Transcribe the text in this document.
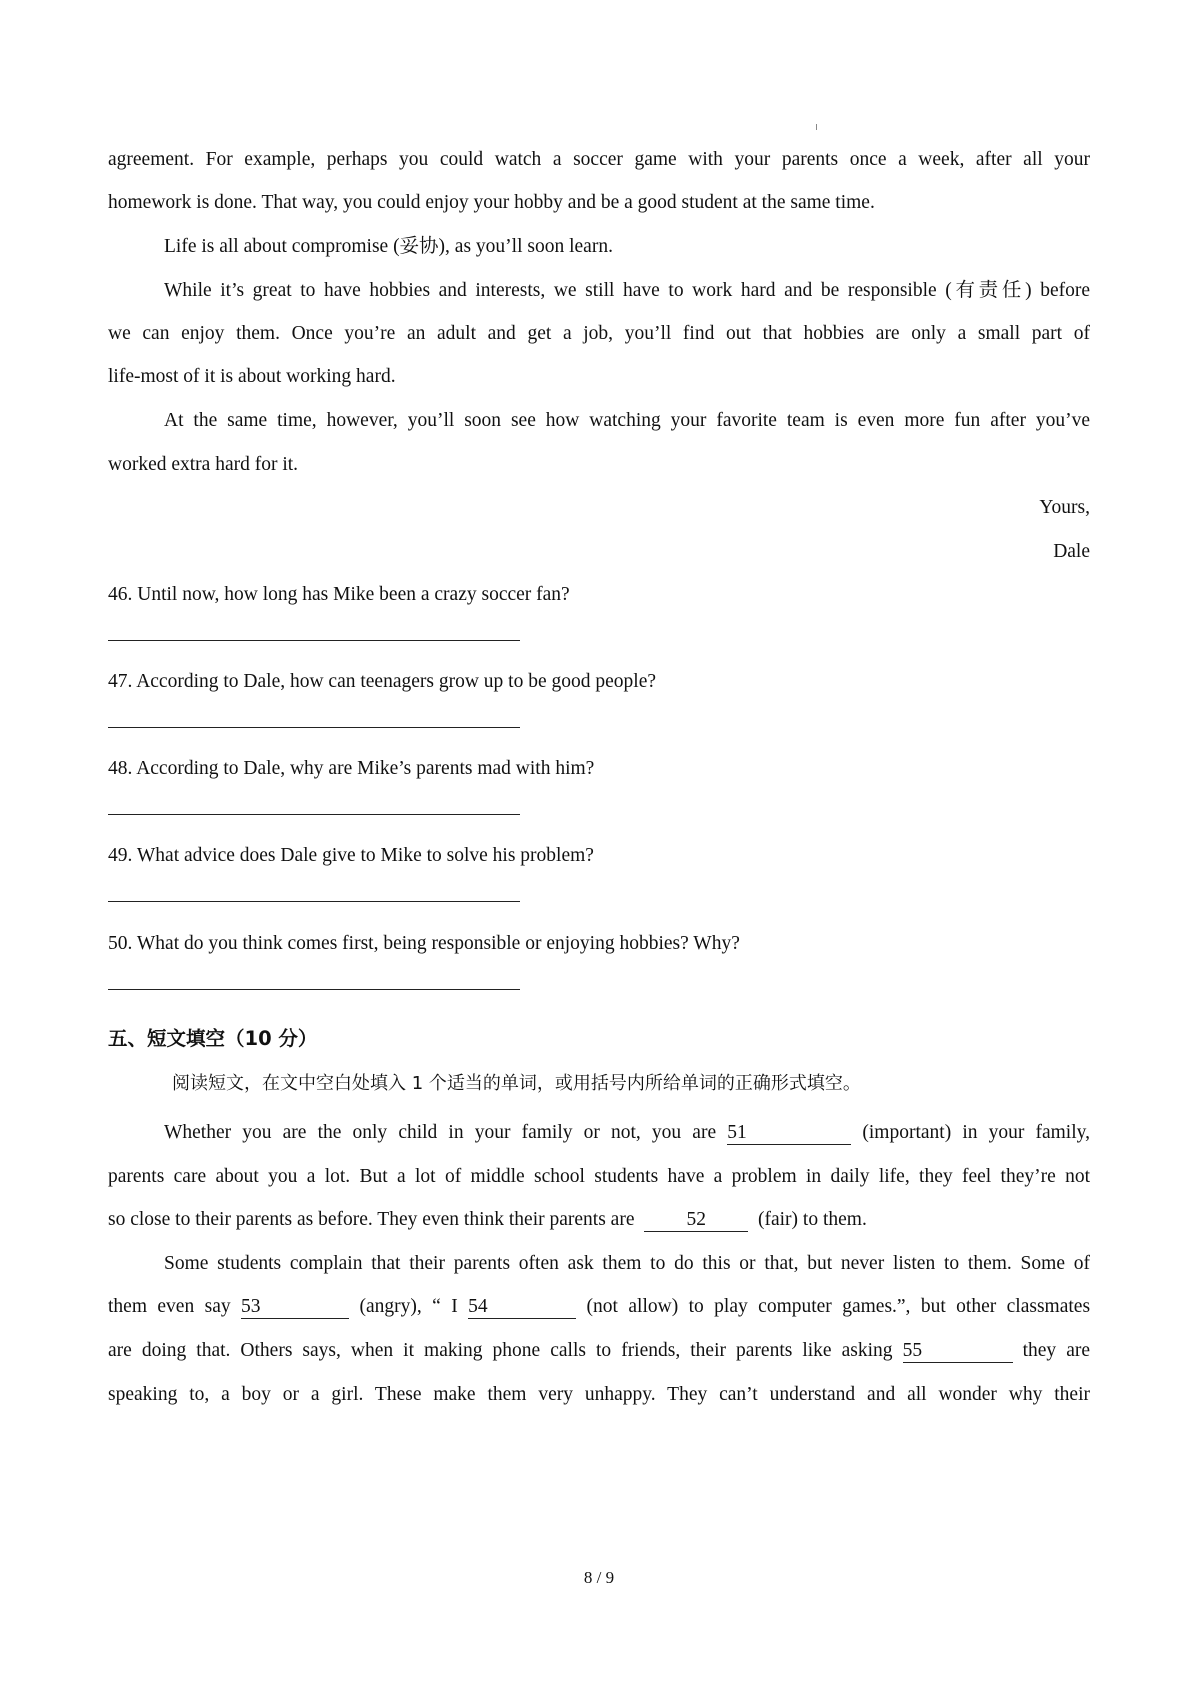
agreement. For example, perhaps you could watch a soccer game with your parents once a week, after all your
homework is done. That way, you could enjoy your hobby and be a good student at the same time.
Life is all about compromise (妥协), as you’ll soon learn.
While it’s great to have hobbies and interests, we still have to work hard and be responsible (有责任) before
we can enjoy them. Once you’re an adult and get a job, you’ll find out that hobbies are only a small part of
life-most of it is about working hard.
At the same time, however, you’ll soon see how watching your favorite team is even more fun after you’ve
worked extra hard for it.
Yours,
Dale
46. Until now, how long has Mike been a crazy soccer fan?
47. According to Dale, how can teenagers grow up to be good people?
48. According to Dale, why are Mike’s parents mad with him?
49. What advice does Dale give to Mike to solve his problem?
50. What do you think comes first, being responsible or enjoying hobbies? Why?
五、短文填空（10 分）
阅读短文，在文中空白处填入 1 个适当的单词，或用括号内所给单词的正确形式填空。
Whether you are the only child in your family or not, you are 51	(important) in your family,
parents care about you a lot. But a lot of middle school students have a problem in daily life, they feel they’re not
so close to their parents as before. They even think their parents are	52	(fair) to them.
Some students complain that their parents often ask them to do this or that, but never listen to them. Some of
them even say 53	(angry), “ I 54	(not allow) to play computer games.”, but other classmates
are doing that. Others says, when it making phone calls to friends, their parents like asking 55	they are
speaking to, a boy or a girl. These make them very unhappy. They can’t understand and all wonder why their
8 / 9
